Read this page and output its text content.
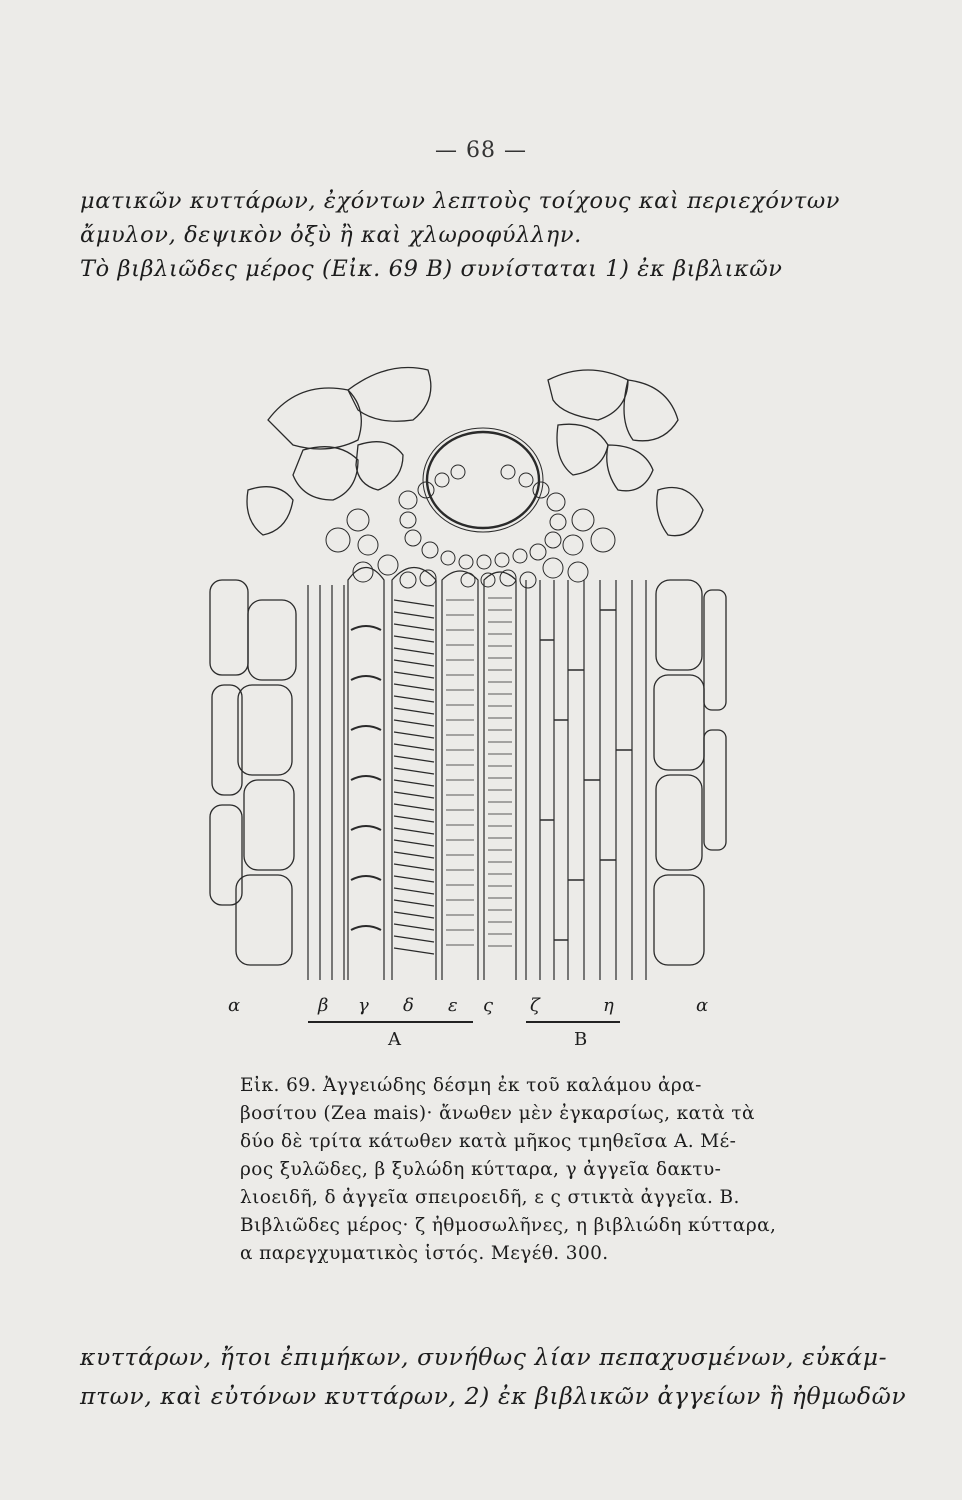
— 68 —
ματικῶν κυττάρων, ἐχόντων λεπτοὺς τοίχους καὶ περιεχόντων
ἄμυλον, δεψικὸν ὀξὺ ἢ καὶ χλωροφύλλην.
Τὸ βιβλιῶδες μέρος (Εἰκ. 69 Β) συνίσταται 1) ἐκ βιβλικῶν
α	β γ δ ε ς ζ	η	α
Α	Β
Εἰκ. 69. Ἀγγειώδης δέσμη ἐκ τοῦ καλάμου ἀρα-
βοσίτου (Zea mais)· ἄνωθεν μὲν ἐγκαρσίως, κατὰ τὰ
δύο δὲ τρίτα κάτωθεν κατὰ μῆκος τμηθεῖσα Α. Μέ-
ρος ξυλῶδες, β ξυλώδη κύτταρα, γ ἀγγεῖα δακτυ-
λιοειδῆ, δ ἀγγεῖα σπειροειδῆ, ε ς στικτὰ ἀγγεῖα. Β.
Βιβλιῶδες μέρος· ζ ἠθμοσωλῆνες, η βιβλιώδη κύτταρα,
α παρεγχυματικὸς ἱστός. Μεγέθ. 300.
κυττάρων, ἤτοι ἐπιμήκων, συνήθως λίαν πεπαχυσμένων, εὐκάμ-
πτων, καὶ εὐτόνων κυττάρων, 2) ἐκ βιβλικῶν ἀγγείων ἢ ἠθμωδῶν
